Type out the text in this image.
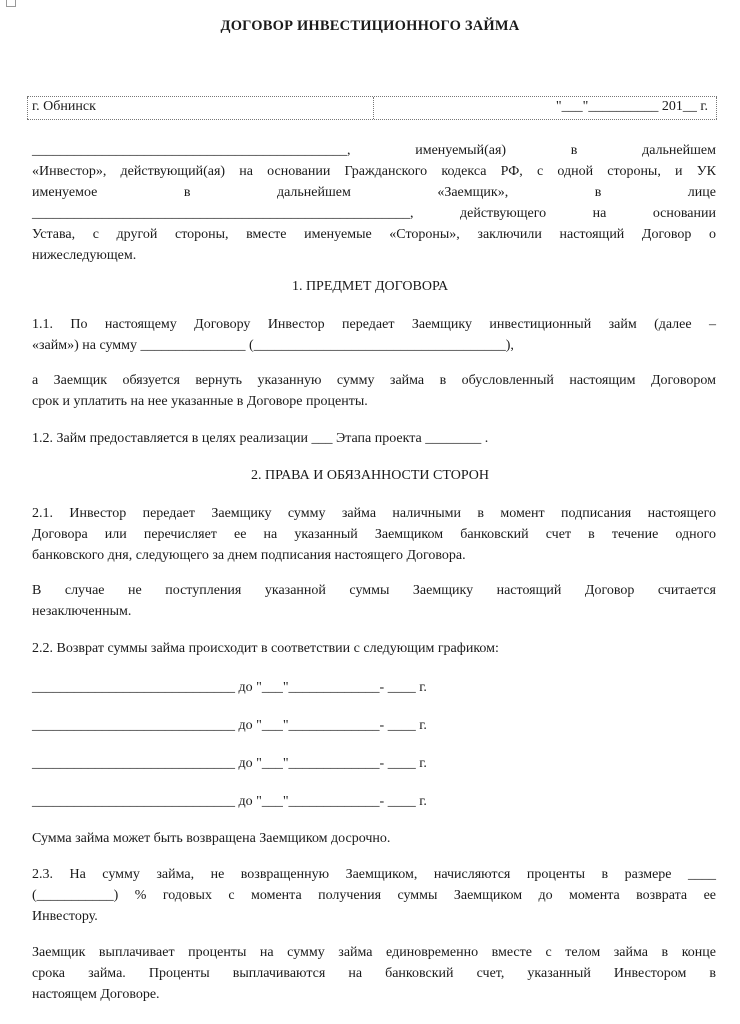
ДОГОВОР ИНВЕСТИЦИОННОГО ЗАЙМА
г. Обнинск	"___"__________ 201__ г.
_____________________________________________, именуемый(ая) в дальнейшем
«Инвестор», действующий(ая) на основании Гражданского кодекса РФ, с одной стороны, и УК
именуемое в дальнейшем «Заемщик», в лице
______________________________________________________, действующего на основании
Устава, с другой стороны, вместе именуемые «Стороны», заключили настоящий Договор о
нижеследующем.
1. ПРЕДМЕТ ДОГОВОРА
1.1. По настоящему Договору Инвестор передает Заемщику инвестиционный займ (далее –
«займ») на сумму _______________ (____________________________________),
а Заемщик обязуется вернуть указанную сумму займа в обусловленный настоящим Договором
срок и уплатить на нее указанные в Договоре проценты.
1.2. Займ предоставляется в целях реализации ___ Этапа проекта ________ .
2. ПРАВА И ОБЯЗАННОСТИ СТОРОН
2.1. Инвестор передает Заемщику сумму займа наличными в момент подписания настоящего
Договора или перечисляет ее на указанный Заемщиком банковский счет в течение одного
банковского дня, следующего за днем подписания настоящего Договора.
В случае не поступления указанной суммы Заемщику настоящий Договор считается
незаключенным.
2.2. Возврат суммы займа происходит в соответствии с следующим графиком:
_____________________________ до "___"_____________- ____ г.
_____________________________ до "___"_____________- ____ г.
_____________________________ до "___"_____________- ____ г.
_____________________________ до "___"_____________- ____ г.
Сумма займа может быть возвращена Заемщиком досрочно.
2.3. На сумму займа, не возвращенную Заемщиком, начисляются проценты в размере ____
(___________) % годовых с момента получения суммы Заемщиком до момента возврата ее
Инвестору.
Заемщик выплачивает проценты на сумму займа единовременно вместе с телом займа в конце
срока займа. Проценты выплачиваются на банковский счет, указанный Инвестором в
настоящем Договоре.
